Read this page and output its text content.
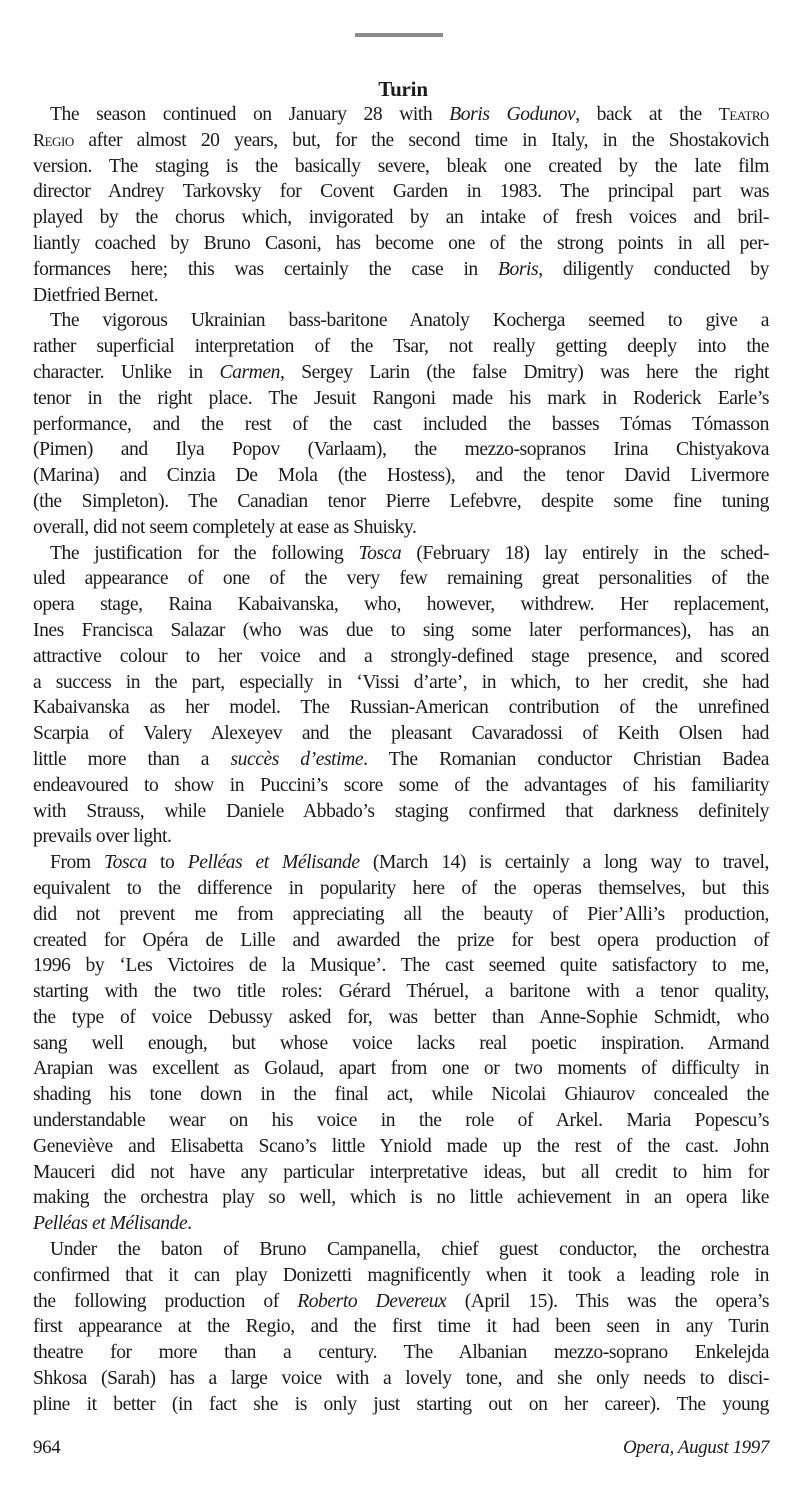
Turin
The season continued on January 28 with Boris Godunov, back at the Teatro
Regio after almost 20 years, but, for the second time in Italy, in the Shostakovich
version. The staging is the basically severe, bleak one created by the late film
director Andrey Tarkovsky for Covent Garden in 1983. The principal part was
played by the chorus which, invigorated by an intake of fresh voices and bril-
liantly coached by Bruno Casoni, has become one of the strong points in all per-
formances here; this was certainly the case in Boris, diligently conducted by
Dietfried Bernet.
The vigorous Ukrainian bass-baritone Anatoly Kocherga seemed to give a
rather superficial interpretation of the Tsar, not really getting deeply into the
character. Unlike in Carmen, Sergey Larin (the false Dmitry) was here the right
tenor in the right place. The Jesuit Rangoni made his mark in Roderick Earle’s
performance, and the rest of the cast included the basses Tómas Tómasson
(Pimen) and Ilya Popov (Varlaam), the mezzo-sopranos Irina Chistyakova
(Marina) and Cinzia De Mola (the Hostess), and the tenor David Livermore
(the Simpleton). The Canadian tenor Pierre Lefebvre, despite some fine tuning
overall, did not seem completely at ease as Shuisky.
The justification for the following Tosca (February 18) lay entirely in the sched-
uled appearance of one of the very few remaining great personalities of the
opera stage, Raina Kabaivanska, who, however, withdrew. Her replacement,
Ines Francisca Salazar (who was due to sing some later performances), has an
attractive colour to her voice and a strongly-defined stage presence, and scored
a success in the part, especially in ‘Vissi d’arte’, in which, to her credit, she had
Kabaivanska as her model. The Russian-American contribution of the unrefined
Scarpia of Valery Alexeyev and the pleasant Cavaradossi of Keith Olsen had
little more than a succès d’estime. The Romanian conductor Christian Badea
endeavoured to show in Puccini’s score some of the advantages of his familiarity
with Strauss, while Daniele Abbado’s staging confirmed that darkness definitely
prevails over light.
From Tosca to Pelléas et Mélisande (March 14) is certainly a long way to travel,
equivalent to the difference in popularity here of the operas themselves, but this
did not prevent me from appreciating all the beauty of Pier’Alli’s production,
created for Opéra de Lille and awarded the prize for best opera production of
1996 by ‘Les Victoires de la Musique’. The cast seemed quite satisfactory to me,
starting with the two title roles: Gérard Théruel, a baritone with a tenor quality,
the type of voice Debussy asked for, was better than Anne-Sophie Schmidt, who
sang well enough, but whose voice lacks real poetic inspiration. Armand
Arapian was excellent as Golaud, apart from one or two moments of difficulty in
shading his tone down in the final act, while Nicolai Ghiaurov concealed the
understandable wear on his voice in the role of Arkel. Maria Popescu’s
Geneviève and Elisabetta Scano’s little Yniold made up the rest of the cast. John
Mauceri did not have any particular interpretative ideas, but all credit to him for
making the orchestra play so well, which is no little achievement in an opera like
Pelléas et Mélisande.
Under the baton of Bruno Campanella, chief guest conductor, the orchestra
confirmed that it can play Donizetti magnificently when it took a leading role in
the following production of Roberto Devereux (April 15). This was the opera’s
first appearance at the Regio, and the first time it had been seen in any Turin
theatre for more than a century. The Albanian mezzo-soprano Enkelejda
Shkosa (Sarah) has a large voice with a lovely tone, and she only needs to disci-
pline it better (in fact she is only just starting out on her career). The young
964	Opera, August 1997
